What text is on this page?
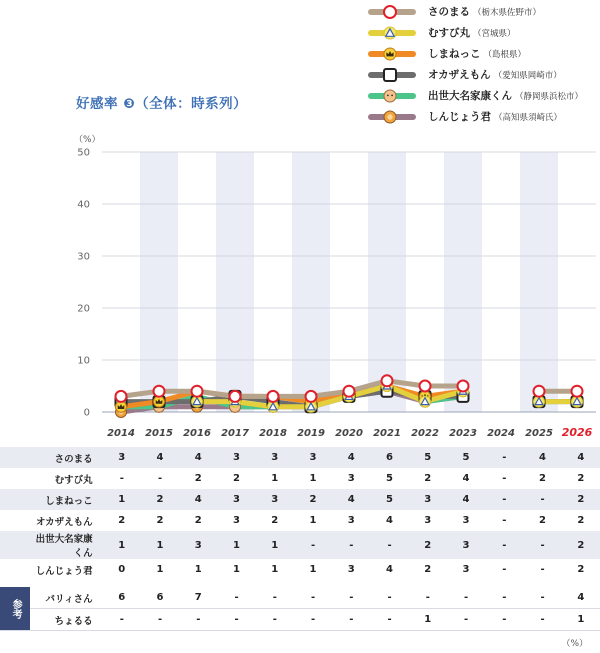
好感率 ❸（全体：時系列）
さのまる （栃木県佐野市）
むすび丸 （宮城県）
しまねっこ （島根県）
オカザえもん （愛知県岡崎市）
出世大名家康くん （静岡県浜松市）
しんじょう君 （高知県須崎氏）
0
10
20
30
40
50
（%）
2014 2015 2016 2017 2018 2019 2020 2021 2022 2023 2024 2025 2026
	さのまる	3	4	4	3	3	3	4	6	5	5	-	4	4
	むすび丸	-	-	2	2	1	1	3	5	2	4	-	2	2
	しまねっこ	1	2	4	3	3	2	4	5	3	4	-	-	2
	オカザえもん	2	2	2	3	2	1	3	4	3	3	-	2	2
	出世大名家康くん	1	1	3	1	1	-	-	-	2	3	-	-	2
	しんじょう君	0	1	1	1	1	1	3	4	2	3	-	-	2

参考	バリィさん	6	6	7	-	-	-	-	-	-	-	-	-	4
	ちょるる	-	-	-	-	-	-	-	-	1	-	-	-	1
（%）
